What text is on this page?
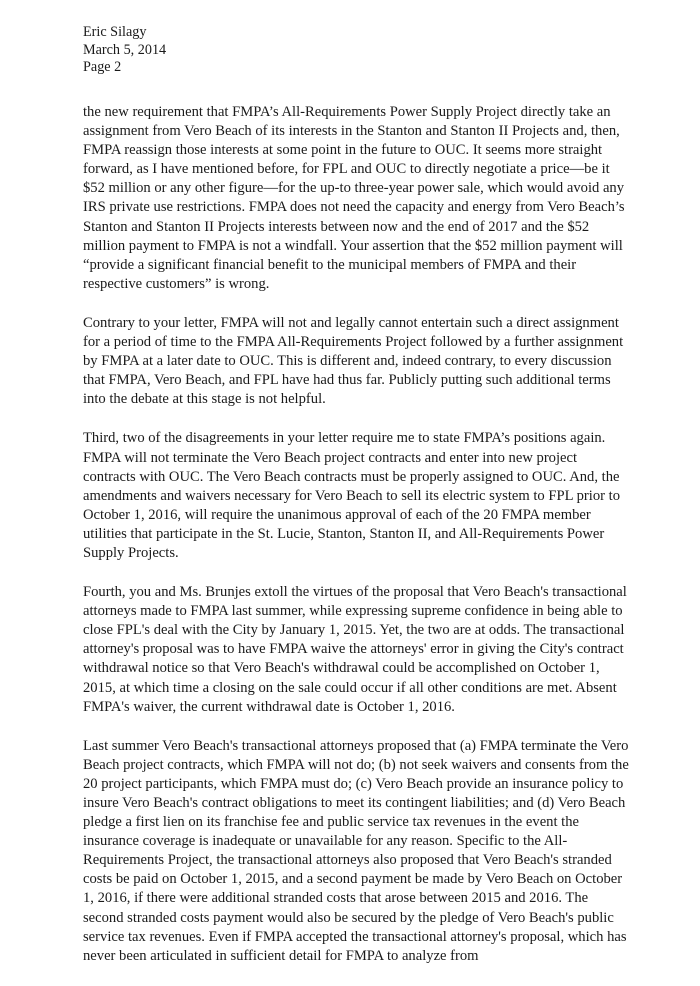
Eric Silagy
March 5, 2014
Page 2

the new requirement that FMPA’s All-Requirements Power Supply Project directly take an assignment from Vero Beach of its interests in the Stanton and Stanton II Projects and, then, FMPA reassign those interests at some point in the future to OUC. It seems more straight forward, as I have mentioned before, for FPL and OUC to directly negotiate a price—be it $52 million or any other figure—for the up-to three-year power sale, which would avoid any IRS private use restrictions. FMPA does not need the capacity and energy from Vero Beach’s Stanton and Stanton II Projects interests between now and the end of 2017 and the $52 million payment to FMPA is not a windfall. Your assertion that the $52 million payment will “provide a significant financial benefit to the municipal members of FMPA and their respective customers” is wrong.

Contrary to your letter, FMPA will not and legally cannot entertain such a direct assignment for a period of time to the FMPA All-Requirements Project followed by a further assignment by FMPA at a later date to OUC. This is different and, indeed contrary, to every discussion that FMPA, Vero Beach, and FPL have had thus far. Publicly putting such additional terms into the debate at this stage is not helpful.

Third, two of the disagreements in your letter require me to state FMPA’s positions again. FMPA will not terminate the Vero Beach project contracts and enter into new project contracts with OUC. The Vero Beach contracts must be properly assigned to OUC. And, the amendments and waivers necessary for Vero Beach to sell its electric system to FPL prior to October 1, 2016, will require the unanimous approval of each of the 20 FMPA member utilities that participate in the St. Lucie, Stanton, Stanton II, and All-Requirements Power Supply Projects.

Fourth, you and Ms. Brunjes extoll the virtues of the proposal that Vero Beach's transactional attorneys made to FMPA last summer, while expressing supreme confidence in being able to close FPL's deal with the City by January 1, 2015. Yet, the two are at odds. The transactional attorney's proposal was to have FMPA waive the attorneys' error in giving the City's contract withdrawal notice so that Vero Beach's withdrawal could be accomplished on October 1, 2015, at which time a closing on the sale could occur if all other conditions are met. Absent FMPA's waiver, the current withdrawal date is October 1, 2016.

Last summer Vero Beach's transactional attorneys proposed that (a) FMPA terminate the Vero Beach project contracts, which FMPA will not do; (b) not seek waivers and consents from the 20 project participants, which FMPA must do; (c) Vero Beach provide an insurance policy to insure Vero Beach's contract obligations to meet its contingent liabilities; and (d) Vero Beach pledge a first lien on its franchise fee and public service tax revenues in the event the insurance coverage is inadequate or unavailable for any reason. Specific to the All-Requirements Project, the transactional attorneys also proposed that Vero Beach's stranded costs be paid on October 1, 2015, and a second payment be made by Vero Beach on October 1, 2016, if there were additional stranded costs that arose between 2015 and 2016. The second stranded costs payment would also be secured by the pledge of Vero Beach's public service tax revenues. Even if FMPA accepted the transactional attorney's proposal, which has never been articulated in sufficient detail for FMPA to analyze from
